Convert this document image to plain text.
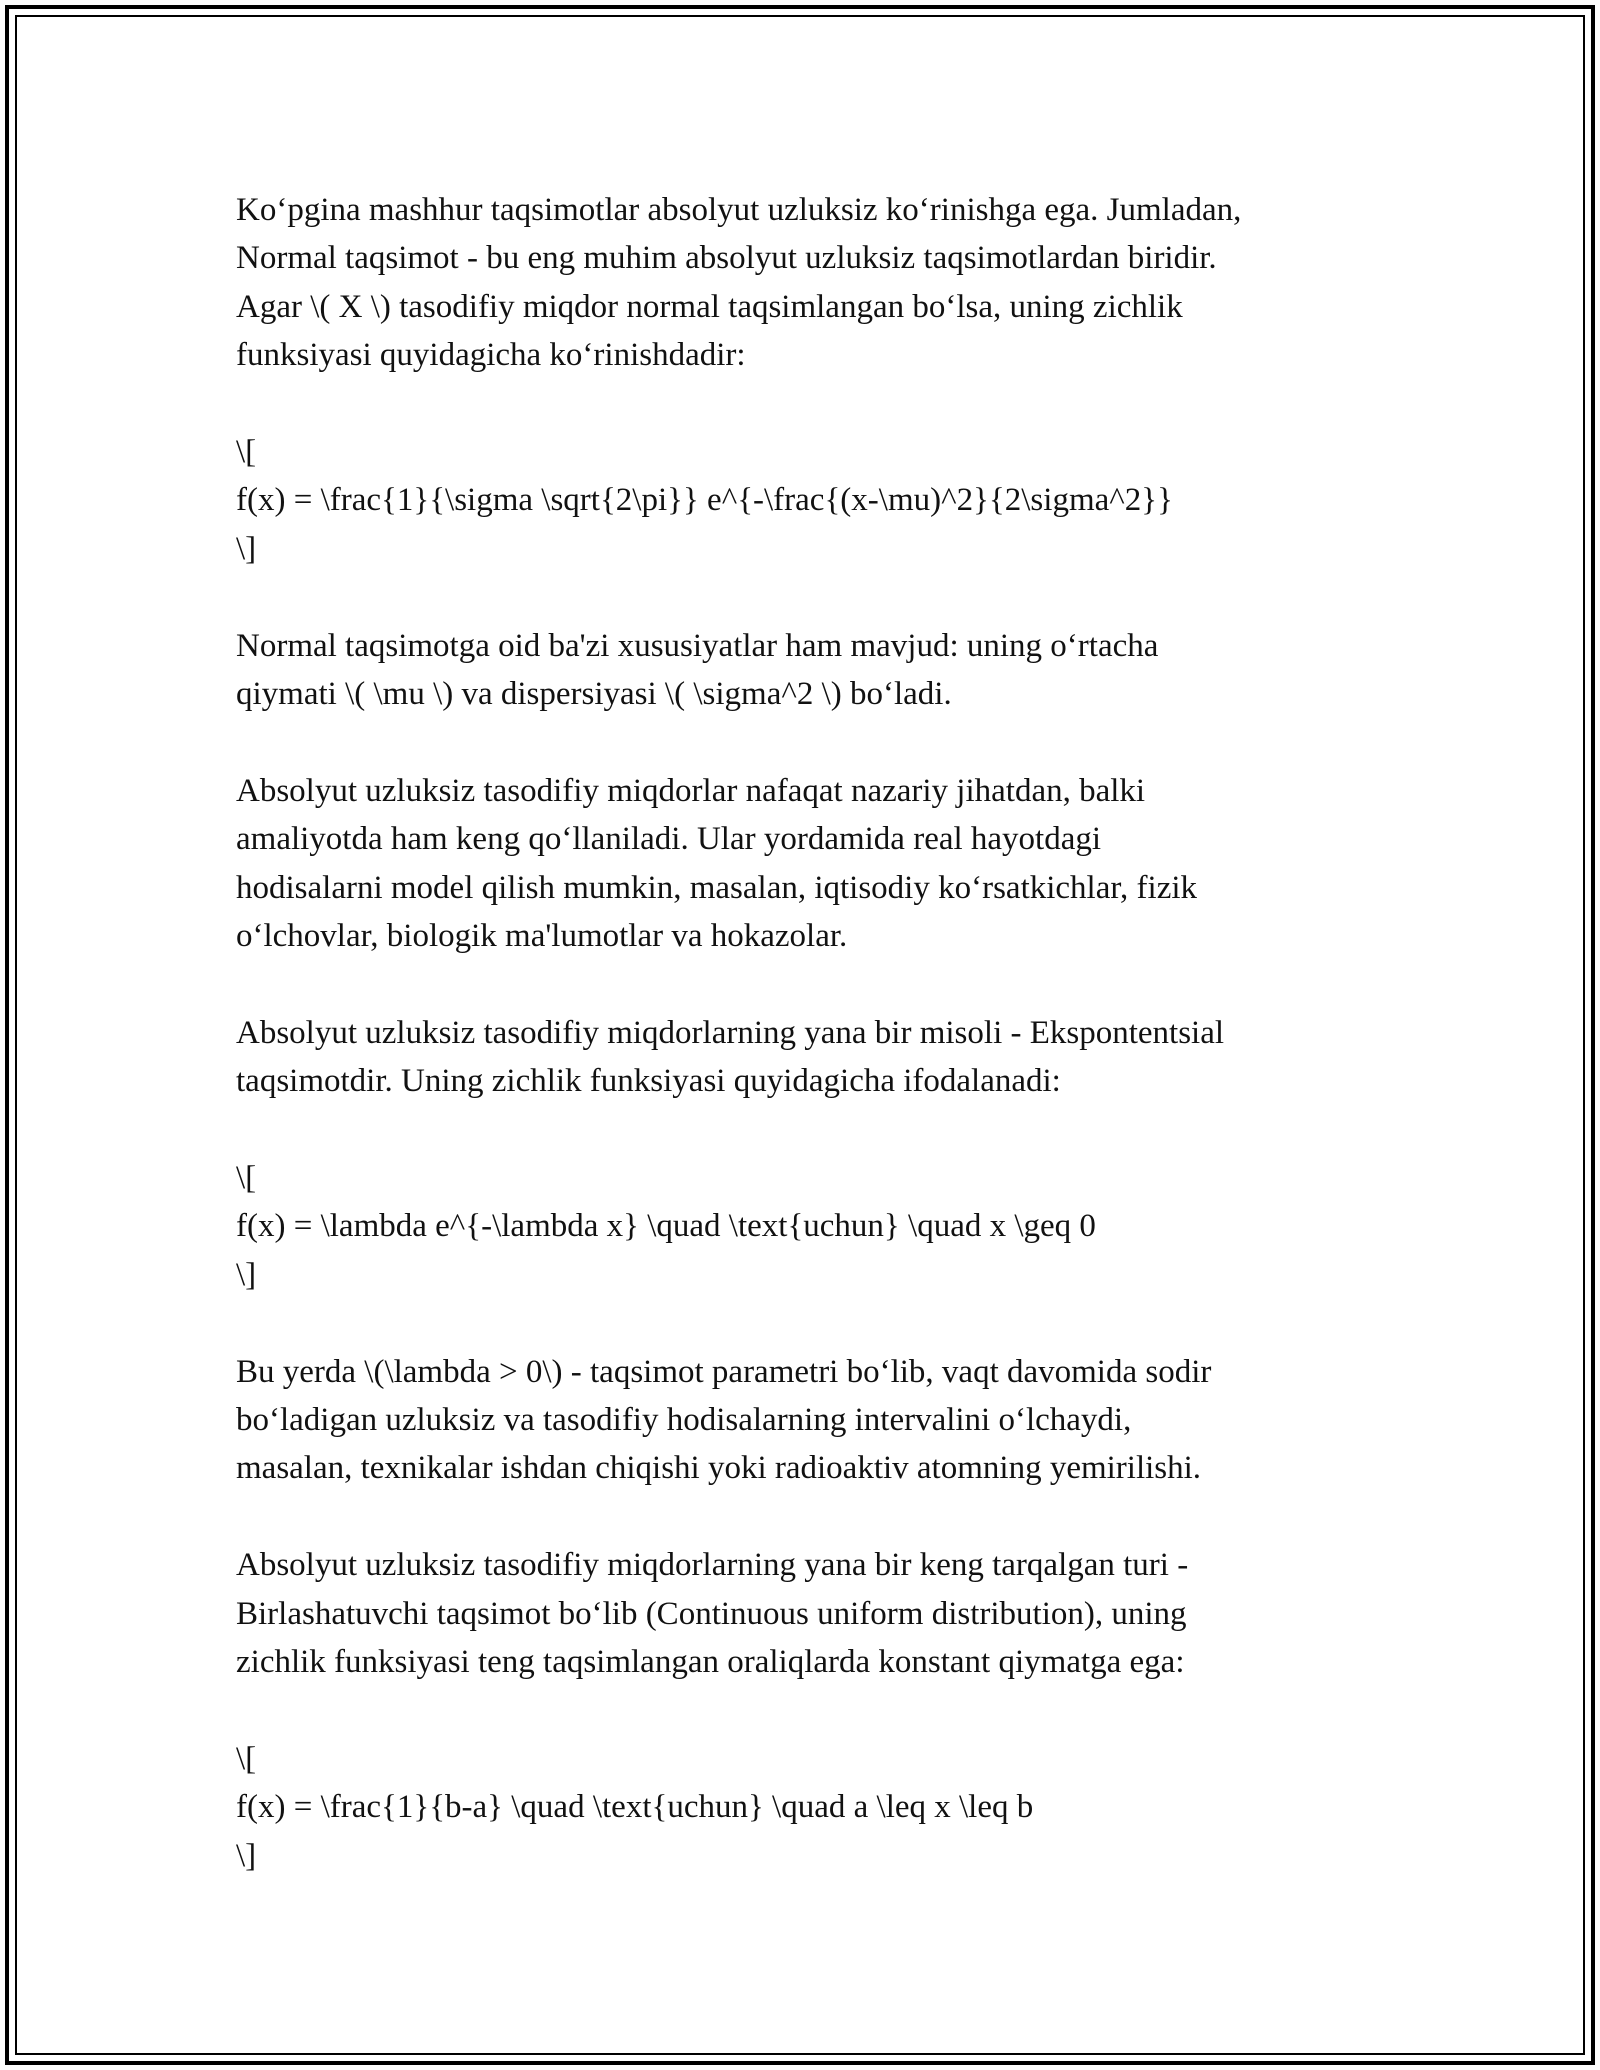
Ko‘pgina mashhur taqsimotlar absolyut uzluksiz ko‘rinishga ega. Jumladan,
Normal taqsimot - bu eng muhim absolyut uzluksiz taqsimotlardan biridir.
Agar \( X \) tasodifiy miqdor normal taqsimlangan bo‘lsa, uning zichlik
funksiyasi quyidagicha ko‘rinishdadir:

\[
f(x) = \frac{1}{\sigma \sqrt{2\pi}} e^{-\frac{(x-\mu)^2}{2\sigma^2}}
\]

Normal taqsimotga oid ba'zi xususiyatlar ham mavjud: uning o‘rtacha
qiymati \( \mu \) va dispersiyasi \( \sigma^2 \) bo‘ladi.

Absolyut uzluksiz tasodifiy miqdorlar nafaqat nazariy jihatdan, balki
amaliyotda ham keng qo‘llaniladi. Ular yordamida real hayotdagi
hodisalarni model qilish mumkin, masalan, iqtisodiy ko‘rsatkichlar, fizik
o‘lchovlar, biologik ma'lumotlar va hokazolar.

Absolyut uzluksiz tasodifiy miqdorlarning yana bir misoli - Ekspontentsial
taqsimotdir. Uning zichlik funksiyasi quyidagicha ifodalanadi:

\[
f(x) = \lambda e^{-\lambda x} \quad \text{uchun} \quad x \geq 0
\]

Bu yerda \(\lambda > 0\) - taqsimot parametri bo‘lib, vaqt davomida sodir
bo‘ladigan uzluksiz va tasodifiy hodisalarning intervalini o‘lchaydi,
masalan, texnikalar ishdan chiqishi yoki radioaktiv atomning yemirilishi.

Absolyut uzluksiz tasodifiy miqdorlarning yana bir keng tarqalgan turi -
Birlashatuvchi taqsimot bo‘lib (Continuous uniform distribution), uning
zichlik funksiyasi teng taqsimlangan oraliqlarda konstant qiymatga ega:

\[
f(x) = \frac{1}{b-a} \quad \text{uchun} \quad a \leq x \leq b
\]
